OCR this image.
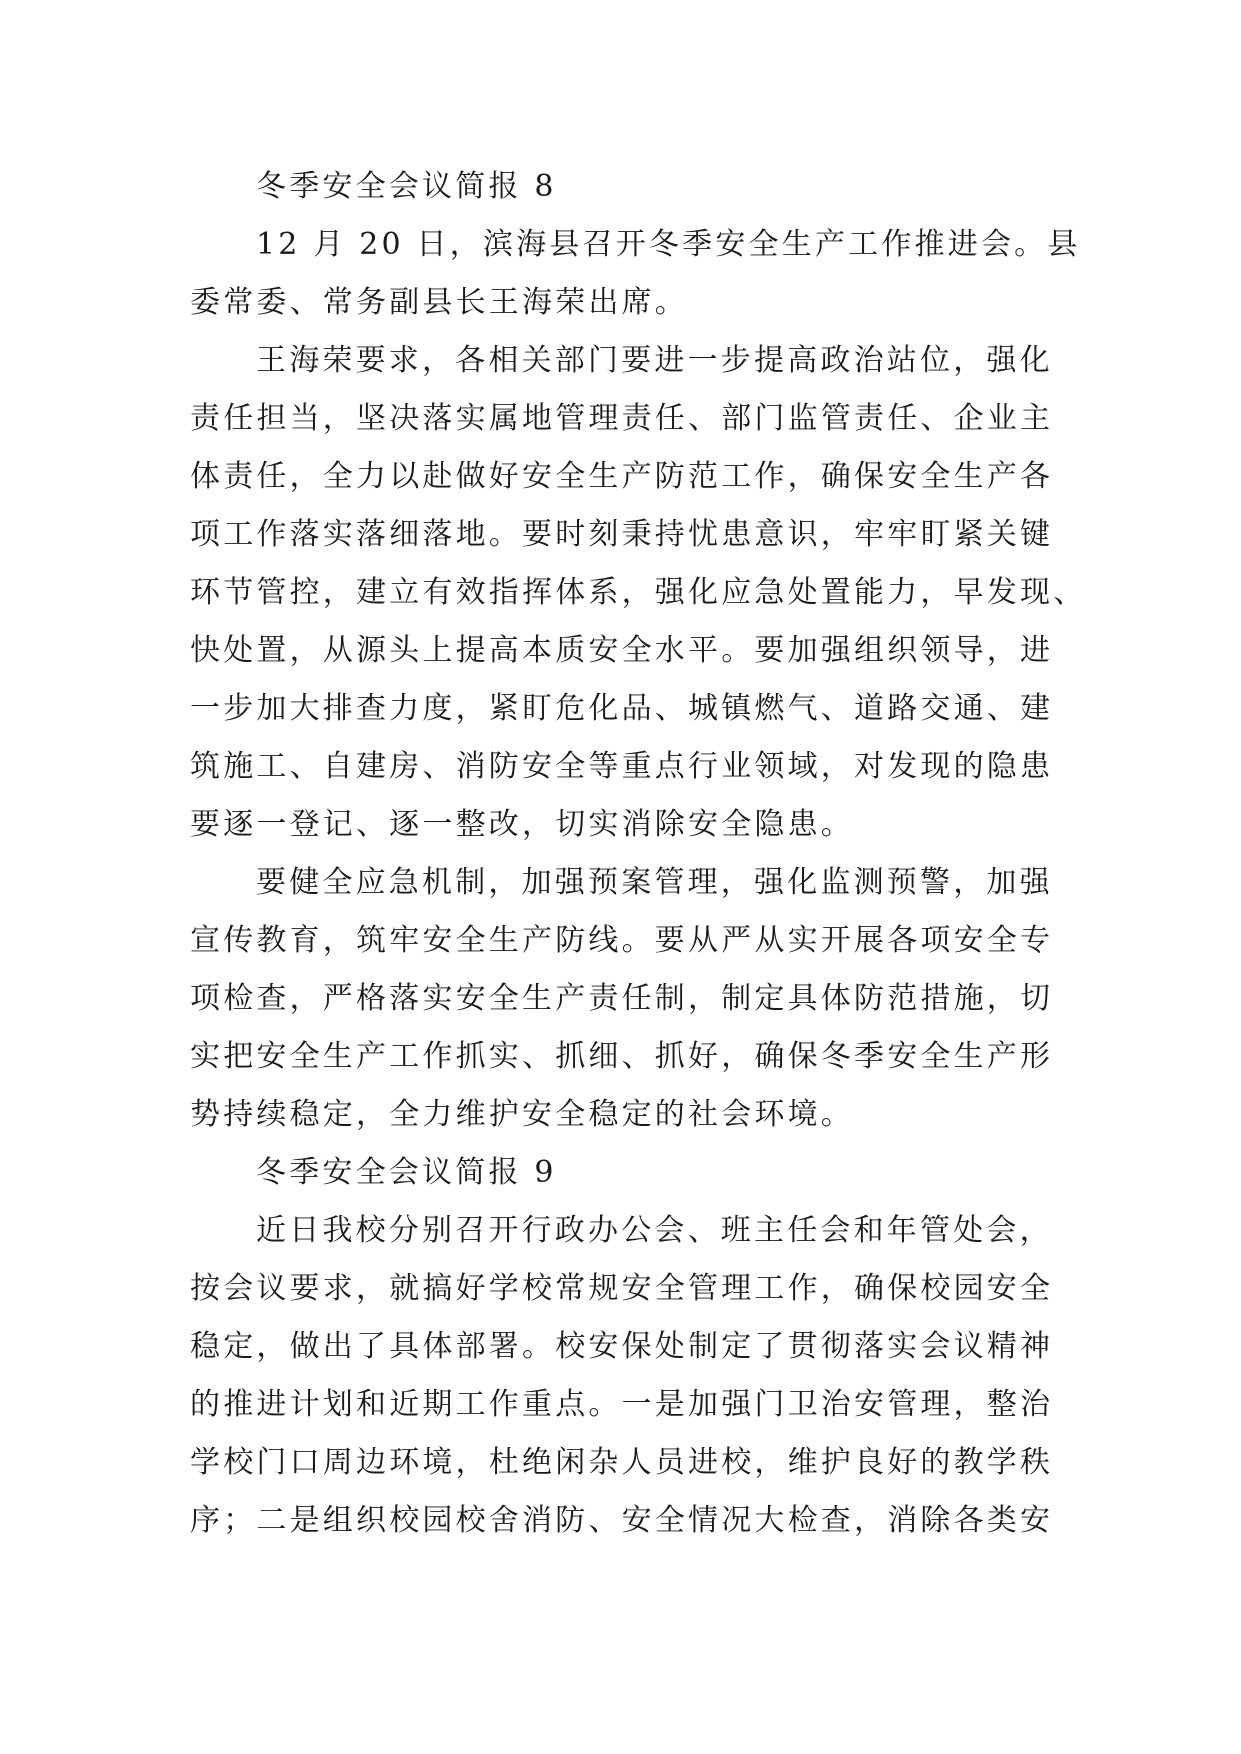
冬季安全会议简报 8
12 月 20 日，滨海县召开冬季安全生产工作推进会。县
委常委、常务副县长王海荣出席。
王海荣要求，各相关部门要进一步提高政治站位，强化
责任担当，坚决落实属地管理责任、部门监管责任、企业主
体责任，全力以赴做好安全生产防范工作，确保安全生产各
项工作落实落细落地。要时刻秉持忧患意识，牢牢盯紧关键
环节管控，建立有效指挥体系，强化应急处置能力，早发现、
快处置，从源头上提高本质安全水平。要加强组织领导，进
一步加大排查力度，紧盯危化品、城镇燃气、道路交通、建
筑施工、自建房、消防安全等重点行业领域，对发现的隐患
要逐一登记、逐一整改，切实消除安全隐患。
要健全应急机制，加强预案管理，强化监测预警，加强
宣传教育，筑牢安全生产防线。要从严从实开展各项安全专
项检查，严格落实安全生产责任制，制定具体防范措施，切
实把安全生产工作抓实、抓细、抓好，确保冬季安全生产形
势持续稳定，全力维护安全稳定的社会环境。
冬季安全会议简报 9
近日我校分别召开行政办公会、班主任会和年管处会，
按会议要求，就搞好学校常规安全管理工作，确保校园安全
稳定，做出了具体部署。校安保处制定了贯彻落实会议精神
的推进计划和近期工作重点。一是加强门卫治安管理，整治
学校门口周边环境，杜绝闲杂人员进校，维护良好的教学秩
序；二是组织校园校舍消防、安全情况大检查，消除各类安
